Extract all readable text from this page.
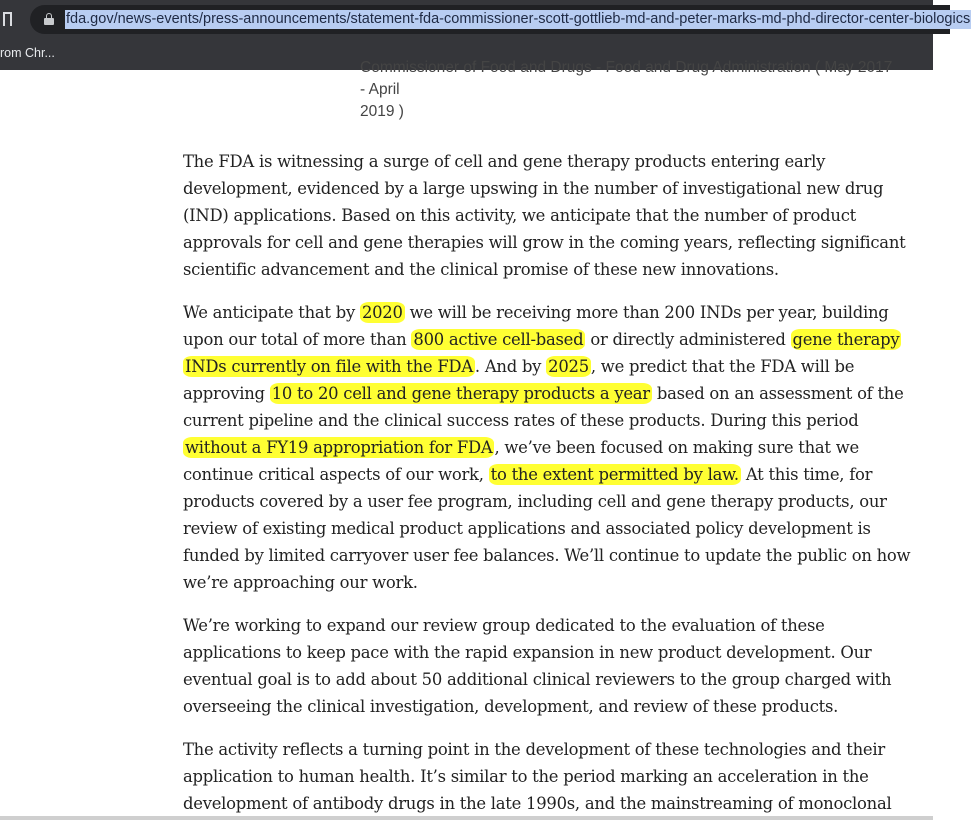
fda.gov/news-events/press-announcements/statement-fda-commissioner-scott-gottlieb-md-and-peter-marks-md-phd-director-center-biologics
rom Chr...
Commissioner of Food and Drugs - Food and Drug Administration ( May 2017 - April
2019 )

The FDA is witnessing a surge of cell and gene therapy products entering early development, evidenced by a large upswing in the number of investigational new drug (IND) applications. Based on this activity, we anticipate that the number of product approvals for cell and gene therapies will grow in the coming years, reflecting significant scientific advancement and the clinical promise of these new innovations.

We anticipate that by 2020 we will be receiving more than 200 INDs per year, building upon our total of more than 800 active cell-based or directly administered gene therapy INDs currently on file with the FDA . And by 2025 , we predict that the FDA will be approving 10 to 20 cell and gene therapy products a year based on an assessment of the current pipeline and the clinical success rates of these products. During this period without a FY19 appropriation for FDA , we’ve been focused on making sure that we continue critical aspects of our work, to the extent permitted by law. At this time, for products covered by a user fee program, including cell and gene therapy products, our review of existing medical product applications and associated policy development is funded by limited carryover user fee balances. We’ll continue to update the public on how we’re approaching our work.

We’re working to expand our review group dedicated to the evaluation of these applications to keep pace with the rapid expansion in new product development. Our eventual goal is to add about 50 additional clinical reviewers to the group charged with overseeing the clinical investigation, development, and review of these products.

The activity reflects a turning point in the development of these technologies and their application to human health. It’s similar to the period marking an acceleration in the development of antibody drugs in the late 1990s, and the mainstreaming of monoclonal
